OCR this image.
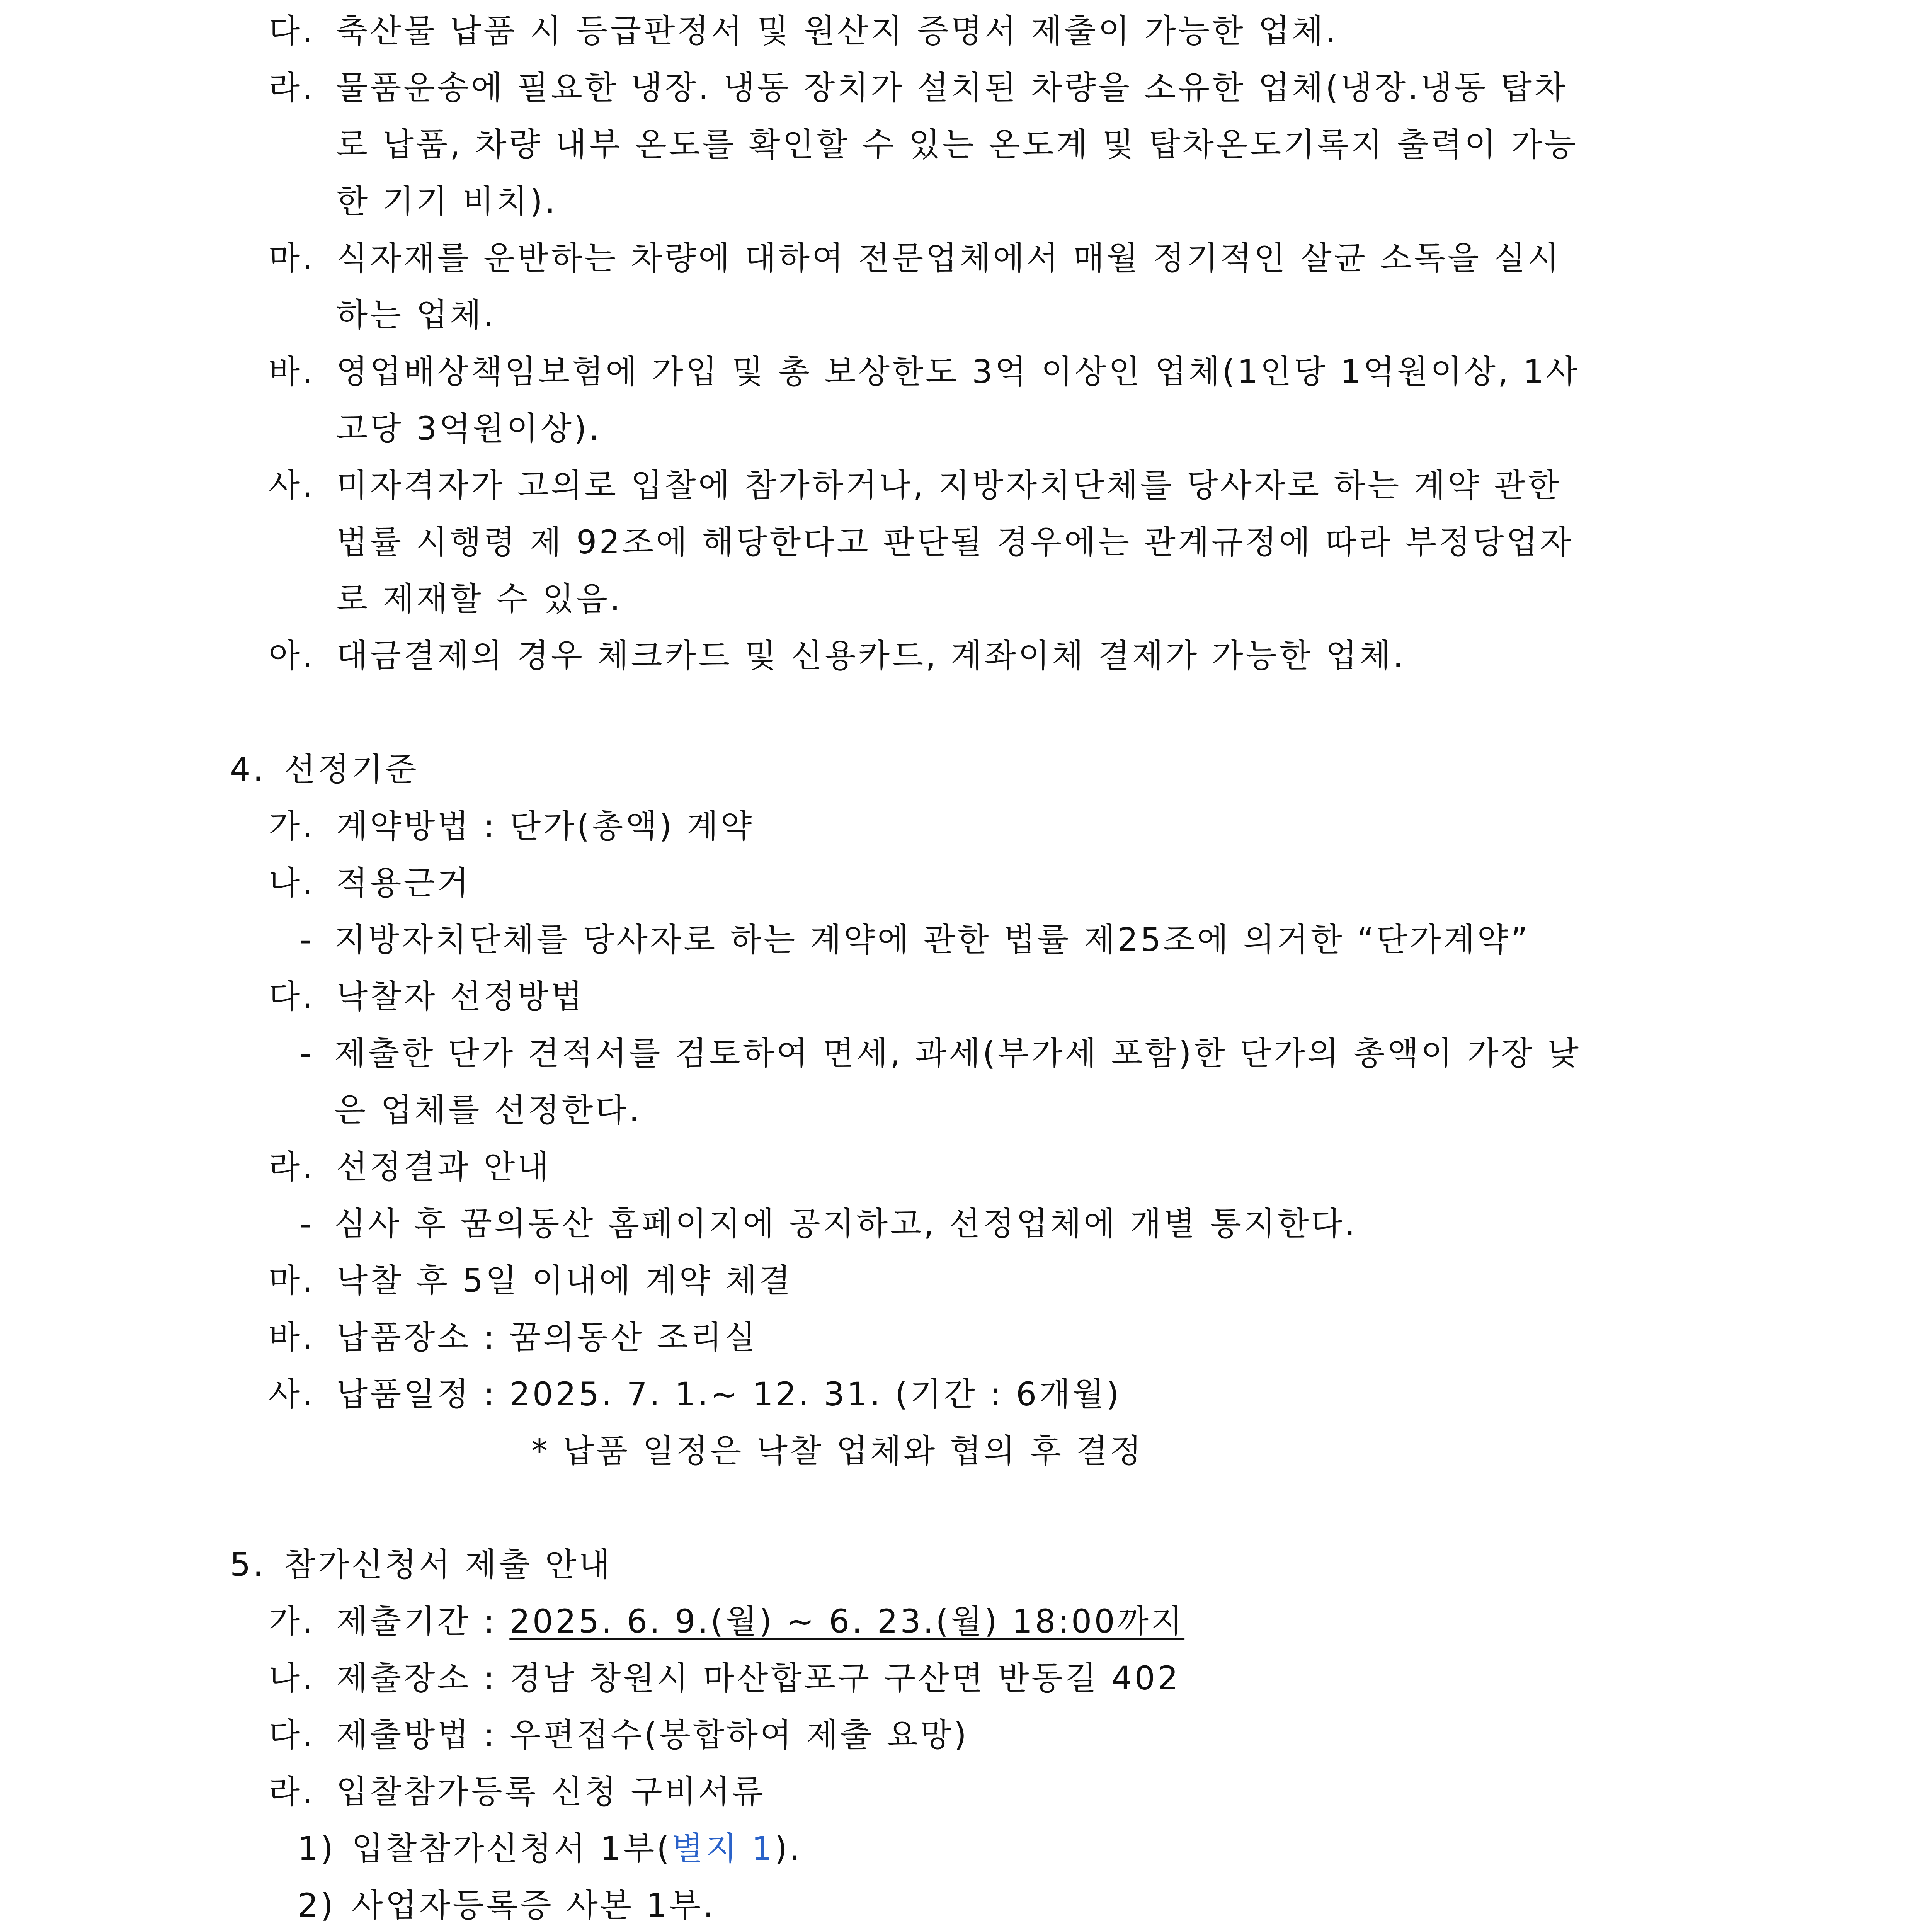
다. 축산물 납품 시 등급판정서 및 원산지 증명서 제출이 가능한 업체.
라. 물품운송에 필요한 냉장. 냉동 장치가 설치된 차량을 소유한 업체(냉장.냉동 탑차
로 납품, 차량 내부 온도를 확인할 수 있는 온도계 및 탑차온도기록지 출력이 가능
한 기기 비치).
마. 식자재를 운반하는 차량에 대하여 전문업체에서 매월 정기적인 살균 소독을 실시
하는 업체.
바. 영업배상책임보험에 가입 및 총 보상한도 3억 이상인 업체(1인당 1억원이상, 1사
고당 3억원이상).
사. 미자격자가 고의로 입찰에 참가하거나, 지방자치단체를 당사자로 하는 계약 관한
법률 시행령 제 92조에 해당한다고 판단될 경우에는 관계규정에 따라 부정당업자
로 제재할 수 있음.
아. 대금결제의 경우 체크카드 및 신용카드, 계좌이체 결제가 가능한 업체.
4. 선정기준
가. 계약방법 : 단가(총액) 계약
나. 적용근거
- 지방자치단체를 당사자로 하는 계약에 관한 법률 제25조에 의거한 “단가계약”
다. 낙찰자 선정방법
- 제출한 단가 견적서를 검토하여 면세, 과세(부가세 포함)한 단가의 총액이 가장 낮
은 업체를 선정한다.
라. 선정결과 안내
- 심사 후 꿈의동산 홈페이지에 공지하고, 선정업체에 개별 통지한다.
마. 낙찰 후 5일 이내에 계약 체결
바. 납품장소 : 꿈의동산 조리실
사. 납품일정 : 2025. 7. 1.~ 12. 31. (기간 : 6개월)
* 납품 일정은 낙찰 업체와 협의 후 결정
5. 참가신청서 제출 안내
가. 제출기간 : 2025. 6. 9.(월) ~ 6. 23.(월) 18:00까지
나. 제출장소 : 경남 창원시 마산합포구 구산면 반동길 402
다. 제출방법 : 우편접수(봉합하여 제출 요망)
라. 입찰참가등록 신청 구비서류
1) 입찰참가신청서 1부(별지 1).
2) 사업자등록증 사본 1부.
